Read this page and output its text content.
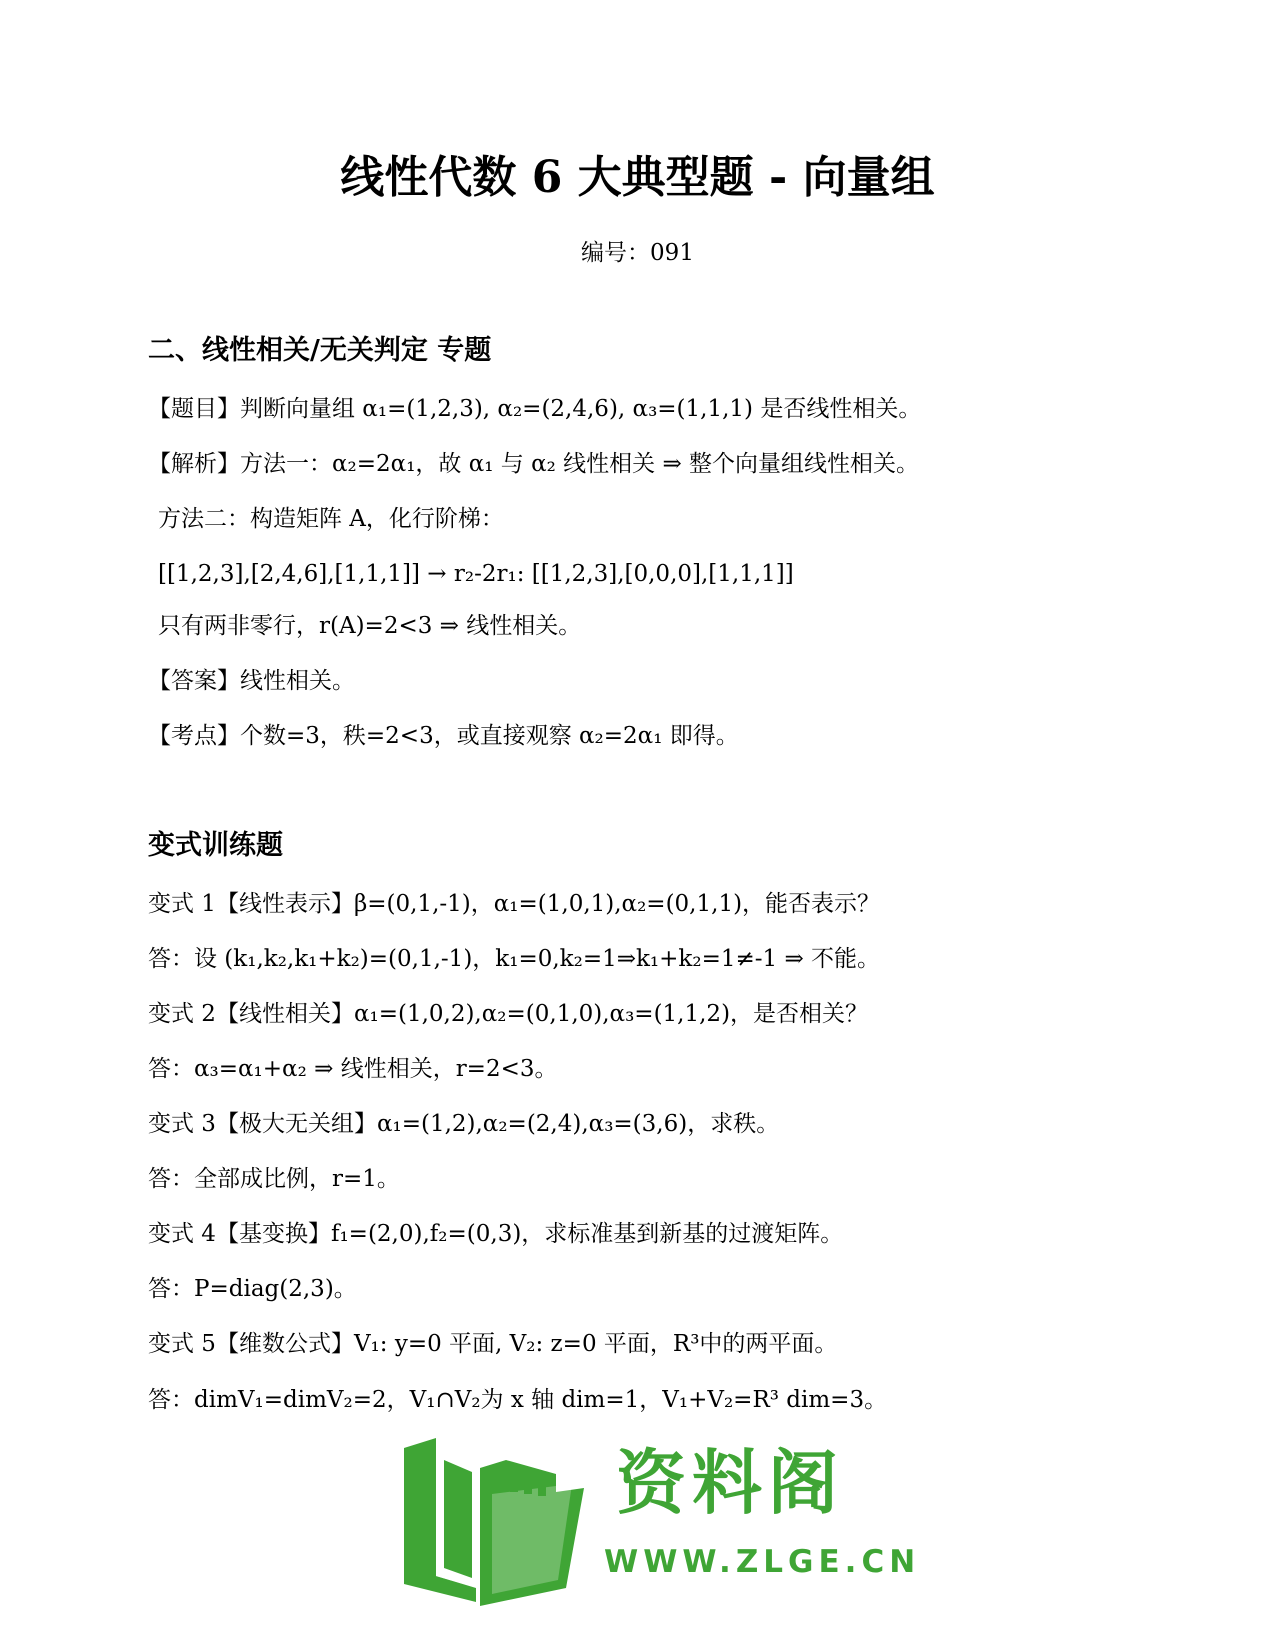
线性代数 6 大典型题 - 向量组
编号：091
二、线性相关/无关判定 专题
【题目】判断向量组 α₁=(1,2,3), α₂=(2,4,6), α₃=(1,1,1) 是否线性相关。
【解析】方法一：α₂=2α₁，故 α₁ 与 α₂ 线性相关 ⇒ 整个向量组线性相关。
方法二：构造矩阵 A，化行阶梯：
[[1,2,3],[2,4,6],[1,1,1]] → r₂-2r₁: [[1,2,3],[0,0,0],[1,1,1]]
只有两非零行，r(A)=2<3 ⇒ 线性相关。
【答案】线性相关。
【考点】个数=3，秩=2<3，或直接观察 α₂=2α₁ 即得。
变式训练题
变式 1【线性表示】β=(0,1,-1)，α₁=(1,0,1),α₂=(0,1,1)，能否表示？
答：设 (k₁,k₂,k₁+k₂)=(0,1,-1)，k₁=0,k₂=1⇒k₁+k₂=1≠-1 ⇒ 不能。
变式 2【线性相关】α₁=(1,0,2),α₂=(0,1,0),α₃=(1,1,2)，是否相关？
答：α₃=α₁+α₂ ⇒ 线性相关，r=2<3。
变式 3【极大无关组】α₁=(1,2),α₂=(2,4),α₃=(3,6)，求秩。
答：全部成比例，r=1。
变式 4【基变换】f₁=(2,0),f₂=(0,3)，求标准基到新基的过渡矩阵。
答：P=diag(2,3)。
变式 5【维数公式】V₁: y=0 平面, V₂: z=0 平面，R³中的两平面。
答：dimV₁=dimV₂=2，V₁∩V₂为 x 轴 dim=1，V₁+V₂=R³ dim=3。
资料阁
WWW.ZLGE.CN
